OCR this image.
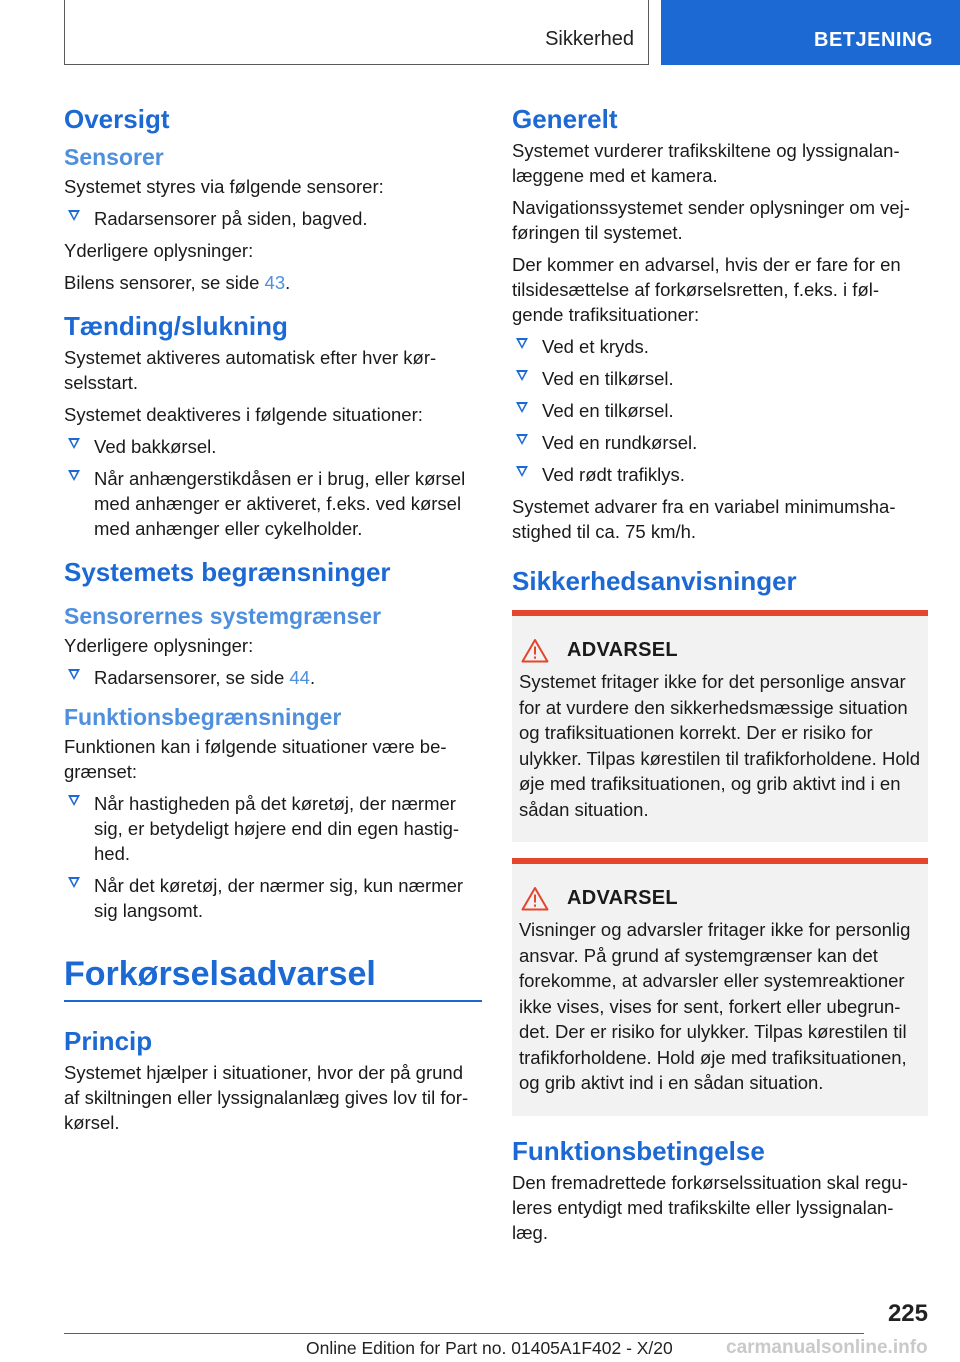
Sikkerhed	BETJENING
Oversigt
Sensorer

Systemet styres via følgende sensorer:

Radarsensorer på siden, bagved.

Yderligere oplysninger:

Bilens sensorer, se side 43.

Tænding/slukning

Systemet aktiveres automatisk efter hver kør-selsstart.

Systemet deaktiveres i følgende situationer:

Ved bakkørsel.
Når anhængerstikdåsen er i brug, eller kørsel med anhænger er aktiveret, f.eks. ved kørsel med anhænger eller cykelholder.
Systemets begrænsninger
Sensorernes systemgrænser

Yderligere oplysninger:

Radarsensorer, se side 44.
Funktionsbegrænsninger

Funktionen kan i følgende situationer være be-grænset:

Når hastigheden på det køretøj, der nærmer sig, er betydeligt højere end din egen hastig-hed.
Når det køretøj, der nærmer sig, kun nærmer sig langsomt.
Forkørselsadvarsel
Princip

Systemet hjælper i situationer, hvor der på grund af skiltningen eller lyssignalanlæg gives lov til for-kørsel.

Generelt

Systemet vurderer trafikskiltene og lyssignalan-læggene med et kamera.

Navigationssystemet sender oplysninger om vej-føringen til systemet.

Der kommer en advarsel, hvis der er fare for en tilsidesættelse af forkørselsretten, f.eks. i føl-gende trafiksituationer:

Ved et kryds.
Ved en tilkørsel.
Ved en tilkørsel.
Ved en rundkørsel.
Ved rødt trafiklys.

Systemet advarer fra en variabel minimumsha-stighed til ca. 75 km/h.

Sikkerhedsanvisninger
ADVARSEL

Systemet fritager ikke for det personlige ansvar for at vurdere den sikkerhedsmæssige situation og trafiksituationen korrekt. Der er risiko for ulykker. Tilpas kørestilen til trafikforholdene. Hold øje med trafiksituationen, og grib aktivt ind i en sådan situation.

ADVARSEL

Visninger og advarsler fritager ikke for personlig ansvar. På grund af systemgrænser kan det forekomme, at advarsler eller systemreaktioner ikke vises, vises for sent, forkert eller ubegrun-det. Der er risiko for ulykker. Tilpas kørestilen til trafikforholdene. Hold øje med trafiksituationen, og grib aktivt ind i en sådan situation.

Funktionsbetingelse

Den fremadrettede forkørselssituation skal regu-leres entydigt med trafikskilte eller lyssignalan-læg.

225
Online Edition for Part no. 01405A1F402 - X/20	carmanualsonline.info
